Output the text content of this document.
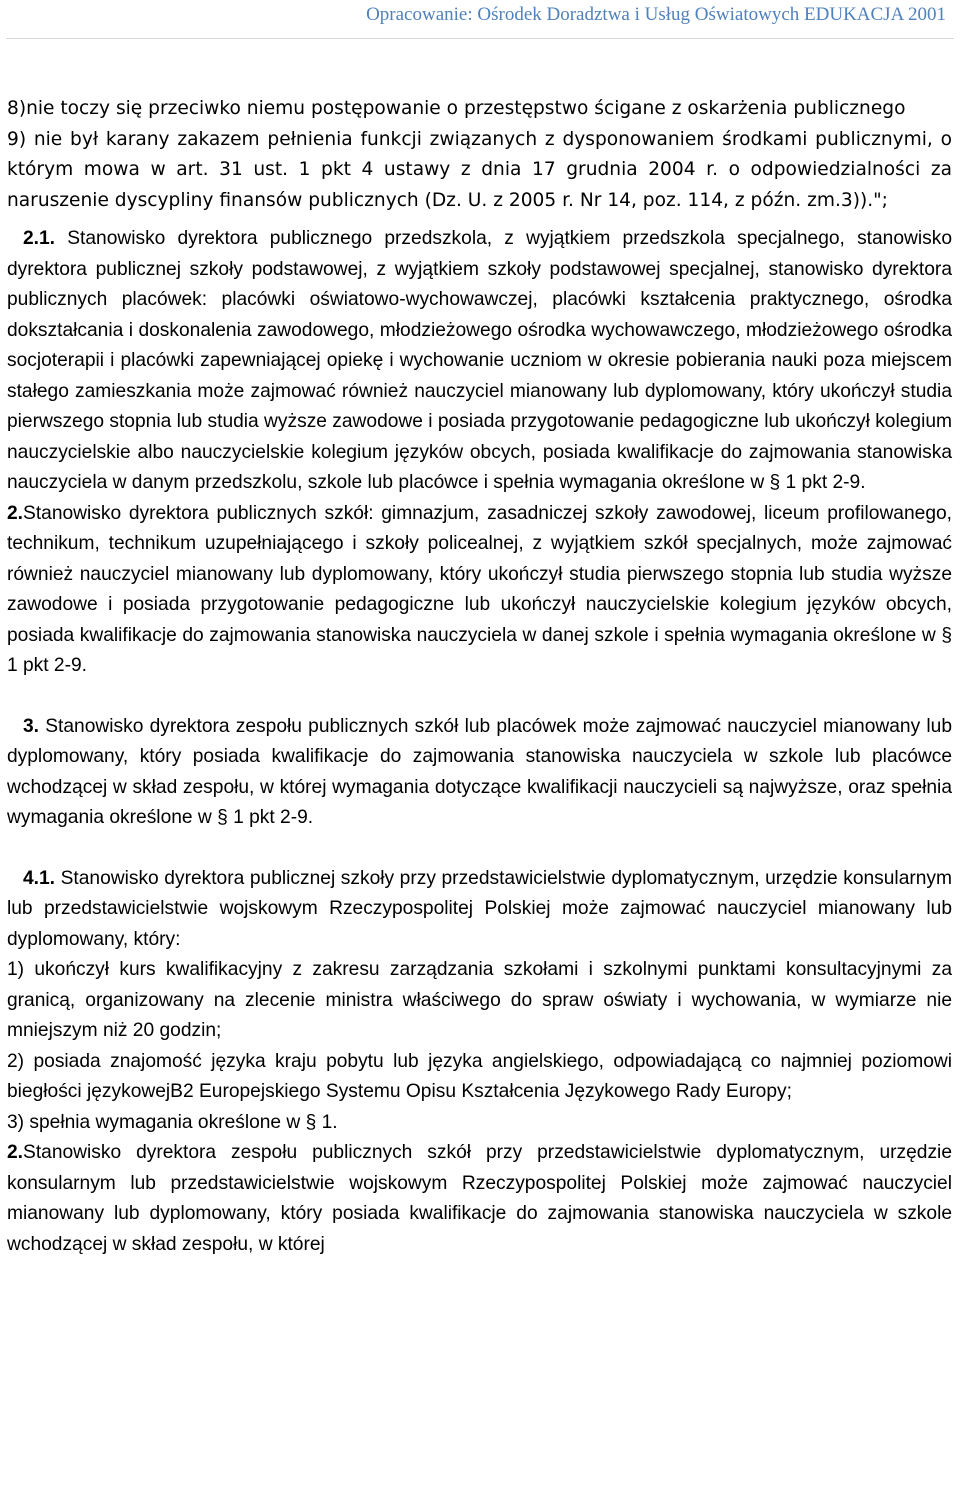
Opracowanie: Ośrodek Doradztwa i Usług Oświatowych EDUKACJA 2001

8)nie toczy się przeciwko niemu postępowanie o przestępstwo ścigane z oskarżenia publicznego

9) nie był karany zakazem pełnienia funkcji związanych z dysponowaniem środkami publicznymi, o którym mowa w art. 31 ust. 1 pkt 4 ustawy z dnia 17 grudnia 2004 r. o odpowiedzialności za naruszenie dyscypliny finansów publicznych (Dz. U. z 2005 r. Nr 14, poz. 114, z późn. zm.3)).";

2.1. Stanowisko dyrektora publicznego przedszkola, z wyjątkiem przedszkola specjalnego, stanowisko dyrektora publicznej szkoły podstawowej, z wyjątkiem szkoły podstawowej specjalnej, stanowisko dyrektora publicznych placówek: placówki oświatowo-wychowawczej, placówki kształcenia praktycznego, ośrodka dokształcania i doskonalenia zawodowego, młodzieżowego ośrodka wychowawczego, młodzieżowego ośrodka socjoterapii i placówki zapewniającej opiekę i wychowanie uczniom w okresie pobierania nauki poza miejscem stałego zamieszkania może zajmować również nauczyciel mianowany lub dyplomowany, który ukończył studia pierwszego stopnia lub studia wyższe zawodowe i posiada przygotowanie pedagogiczne lub ukończył kolegium nauczycielskie albo nauczycielskie kolegium języków obcych, posiada kwalifikacje do zajmowania stanowiska nauczyciela w danym przedszkolu, szkole lub placówce i spełnia wymagania określone w § 1 pkt 2-9.

2.Stanowisko dyrektora publicznych szkół: gimnazjum, zasadniczej szkoły zawodowej, liceum profilowanego, technikum, technikum uzupełniającego i szkoły policealnej, z wyjątkiem szkół specjalnych, może zajmować również nauczyciel mianowany lub dyplomowany, który ukończył studia pierwszego stopnia lub studia wyższe zawodowe i posiada przygotowanie pedagogiczne lub ukończył nauczycielskie kolegium języków obcych, posiada kwalifikacje do zajmowania stanowiska nauczyciela w danej szkole i spełnia wymagania określone w § 1 pkt 2-9.

3. Stanowisko dyrektora zespołu publicznych szkół lub placówek może zajmować nauczyciel mianowany lub dyplomowany, który posiada kwalifikacje do zajmowania stanowiska nauczyciela w szkole lub placówce wchodzącej w skład zespołu, w której wymagania dotyczące kwalifikacji nauczycieli są najwyższe, oraz spełnia wymagania określone w § 1 pkt 2-9.

4.1. Stanowisko dyrektora publicznej szkoły przy przedstawicielstwie dyplomatycznym, urzędzie konsularnym lub przedstawicielstwie wojskowym Rzeczypospolitej Polskiej może zajmować nauczyciel mianowany lub dyplomowany, który:

1) ukończył kurs kwalifikacyjny z zakresu zarządzania szkołami i szkolnymi punktami konsultacyjnymi za granicą, organizowany na zlecenie ministra właściwego do spraw oświaty i wychowania, w wymiarze nie mniejszym niż 20 godzin;

2) posiada znajomość języka kraju pobytu lub języka angielskiego, odpowiadającą co najmniej poziomowi biegłości językowejB2 Europejskiego Systemu Opisu Kształcenia Językowego Rady Europy;

3) spełnia wymagania określone w § 1.

2.Stanowisko dyrektora zespołu publicznych szkół przy przedstawicielstwie dyplomatycznym, urzędzie konsularnym lub przedstawicielstwie wojskowym Rzeczypospolitej Polskiej może zajmować nauczyciel mianowany lub dyplomowany, który posiada kwalifikacje do zajmowania stanowiska nauczyciela w szkole wchodzącej w skład zespołu, w której
